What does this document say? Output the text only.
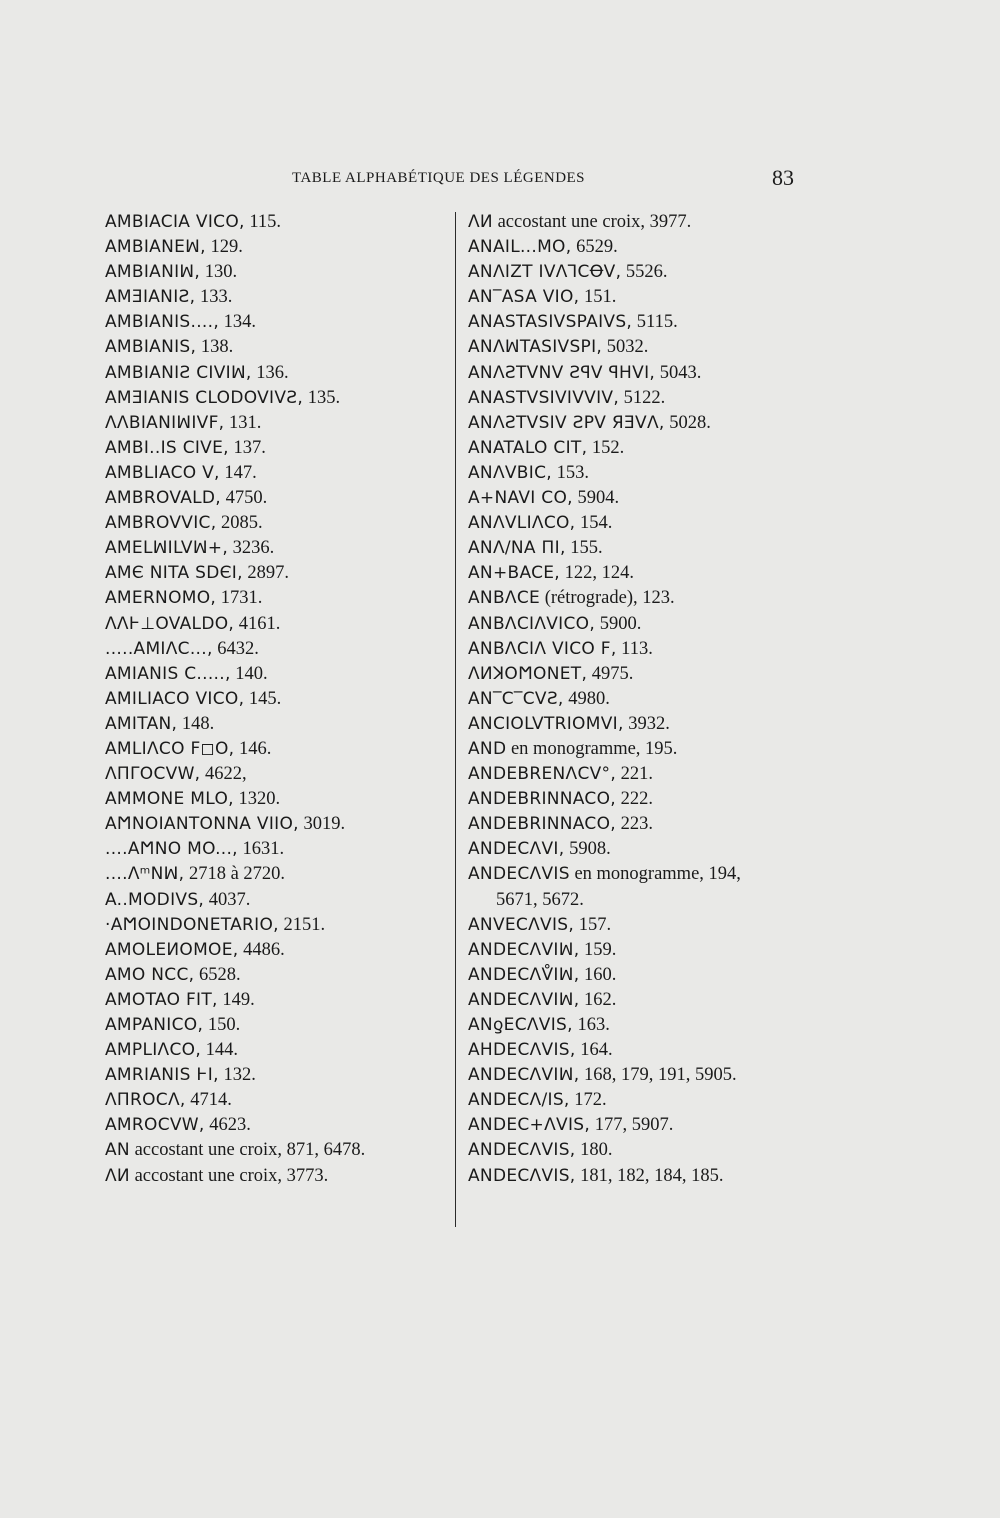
TABLE ALPHABÉTIQUE DES LÉGENDES	83
AMBIACIA VICO, 115.
AMBIANEꟽ, 129.
AMBIANIꟽ, 130.
AMƎIANIƧ, 133.
AMBIANIS...., 134.
AMBIANIS, 138.
AMBIANIƧ CIVIꟽ, 136.
AMƎIANIS CLODOVIVƧ, 135.
ΛΛBIANIꟽIVF, 131.
AMBI..IS CIVE, 137.
AMBLIACO V, 147.
AMBROVALD, 4750.
AMBROVVIC, 2085.
AMELꟽILVꟽ+, 3236.
AMЄ NITA SDЄI, 2897.
AMERNOMO, 1731.
ΛΛⱵ⊥OVALDO, 4161.
.....AMIΛC..., 6432.
AMIANIS C....., 140.
AMILIACO VICO, 145.
AMITAN, 148.
AMLIΛCO F◻O, 146.
ΛПΓOⅭVW, 4622,
AMMONE MLO, 1320.
AϺNOIANTONNA VIIO, 3019.
....AϺNO MO..., 1631.
....ΛᵐNꟽ, 2718 à 2720.
A..MODIVS, 4037.
·AϺOINDONETARIO, 2151.
AMOLEИOMOE, 4486.
AMO NⅭⅭ, 6528.
AMOTAO FIT, 149.
AMPANICO, 150.
AMPLIΛCO, 144.
AMRIANIS ⱵI, 132.
ΛПROⅭΛ, 4714.
AMROⅭVW, 4623.
AN accostant une croix, 871, 6478.
ΛИ accostant une croix, 3773.
ΛИ accostant une croix, 3977.
ANAIL...MO, 6529.
ANΛIZT IVΛꓶCꝊV, 5526.
AN‾ASA VIO, 151.
ANASTASIVSPAIVS, 5115.
ANΛꟽTASIVSPI, 5032.
ANΛƧTVNV ƧꟼV ꟼHVI, 5043.
ANASTVSIVIVVIV, 5122.
ANΛƧTVSIV ƧPV ЯƎVΛ, 5028.
ANATALO ⅭIT, 152.
ANΛVBIC, 153.
A+NAVI CO, 5904.
ANΛVLIΛCO, 154.
ANΛ/NA ПI, 155.
AN+BACE, 122, 124.
ANBΛⅭE (rétrograde), 123.
ANBΛCIΛVICO, 5900.
ANBΛCIΛ VICO F, 113.
ΛИꓘOϺONET, 4975.
AN‾C‾ⅭVƧ, 4980.
ANCIOLVTRIOMVI, 3932.
AND en monogramme, 195.
ANDEBRENΛCV°, 221.
ANDEBRINNACO, 222.
ANDEBRINNACO, 223.
ANDECΛVI, 5908.
ANDECΛVIS en monogramme, 194,
5671, 5672.
ANVECΛVIS, 157.
ANDECΛVIꟽ, 159.
ANDECΛV̊Iꟽ, 160.
ANDECΛVIꟽ, 162.
ANƍECΛVIS, 163.
AHDECΛVIS, 164.
ANDEⅭΛVIꟽ, 168, 179, 191, 5905.
ANDECΛ/IS, 172.
ANDEC+ΛVIS, 177, 5907.
ANDECΛVIS, 180.
ANDECΛVIS, 181, 182, 184, 185.
